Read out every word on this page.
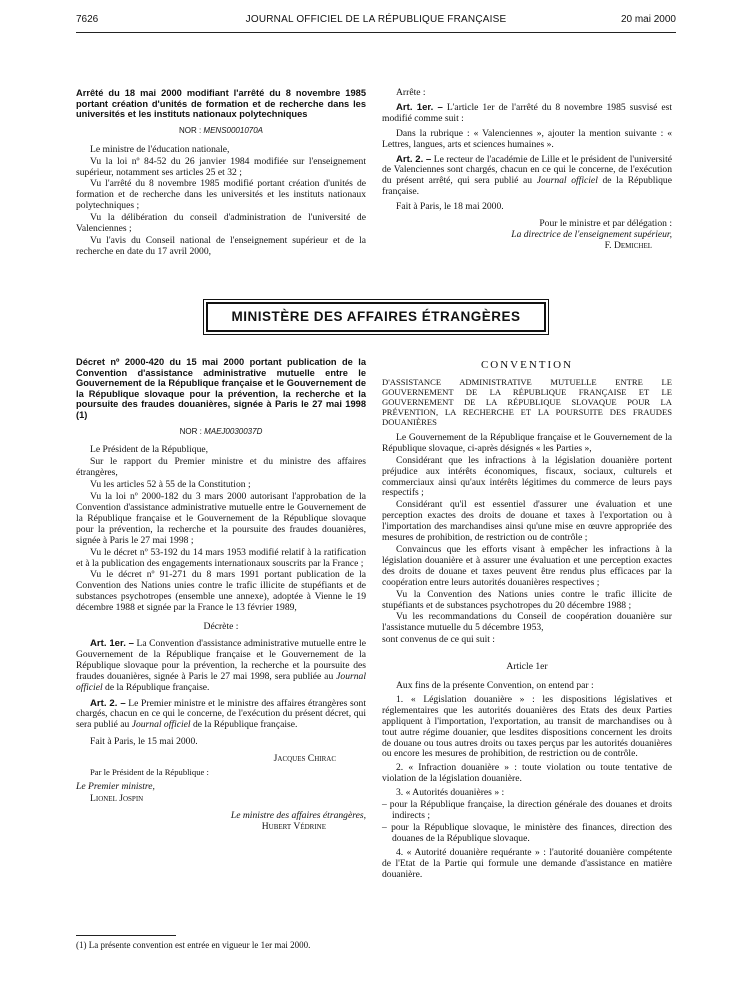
7626	JOURNAL OFFICIEL DE LA RÉPUBLIQUE FRANÇAISE	20 mai 2000

Arrêté du 18 mai 2000 modifiant l'arrêté du 8 novembre 1985 portant création d'unités de formation et de recherche dans les universités et les instituts nationaux polytechniques

NOR : MENS0001070A

Le ministre de l'éducation nationale,

Vu la loi nº 84-52 du 26 janvier 1984 modifiée sur l'enseignement supérieur, notamment ses articles 25 et 32 ;

Vu l'arrêté du 8 novembre 1985 modifié portant création d'unités de formation et de recherche dans les universités et les instituts nationaux polytechniques ;

Vu la délibération du conseil d'administration de l'université de Valenciennes ;

Vu l'avis du Conseil national de l'enseignement supérieur et de la recherche en date du 17 avril 2000,

Arrête :

Art. 1er. – L'article 1er de l'arrêté du 8 novembre 1985 susvisé est modifié comme suit :

Dans la rubrique : « Valenciennes », ajouter la mention suivante : « Lettres, langues, arts et sciences humaines ».

Art. 2. – Le recteur de l'académie de Lille et le président de l'université de Valenciennes sont chargés, chacun en ce qui le concerne, de l'exécution du présent arrêté, qui sera publié au Journal officiel de la République française.

Fait à Paris, le 18 mai 2000.

Pour le ministre et par délégation :

La directrice de l'enseignement supérieur,

F. Demichel

MINISTÈRE DES AFFAIRES ÉTRANGÈRES

Décret nº 2000-420 du 15 mai 2000 portant publication de la Convention d'assistance administrative mutuelle entre le Gouvernement de la République française et le Gouvernement de la République slovaque pour la prévention, la recherche et la poursuite des fraudes douanières, signée à Paris le 27 mai 1998 (1)

NOR : MAEJ0030037D

Le Président de la République,

Sur le rapport du Premier ministre et du ministre des affaires étrangères,

Vu les articles 52 à 55 de la Constitution ;

Vu la loi nº 2000-182 du 3 mars 2000 autorisant l'approbation de la Convention d'assistance administrative mutuelle entre le Gouvernement de la République française et le Gouvernement de la République slovaque pour la prévention, la recherche et la poursuite des fraudes douanières, signée à Paris le 27 mai 1998 ;

Vu le décret nº 53-192 du 14 mars 1953 modifié relatif à la ratification et à la publication des engagements internationaux souscrits par la France ;

Vu le décret nº 91-271 du 8 mars 1991 portant publication de la Convention des Nations unies contre le trafic illicite de stupéfiants et de substances psychotropes (ensemble une annexe), adoptée à Vienne le 19 décembre 1988 et signée par la France le 13 février 1989,

Décrète :

Art. 1er. – La Convention d'assistance administrative mutuelle entre le Gouvernement de la République française et le Gouvernement de la République slovaque pour la prévention, la recherche et la poursuite des fraudes douanières, signée à Paris le 27 mai 1998, sera publiée au Journal officiel de la République française.

Art. 2. – Le Premier ministre et le ministre des affaires étrangères sont chargés, chacun en ce qui le concerne, de l'exécution du présent décret, qui sera publié au Journal officiel de la République française.

Fait à Paris, le 15 mai 2000.

Jacques Chirac

Par le Président de la République :

Le Premier ministre,

Lionel Jospin

Le ministre des affaires étrangères,

Hubert Védrine

(1) La présente convention est entrée en vigueur le 1er mai 2000.

CONVENTION

D'ASSISTANCE ADMINISTRATIVE MUTUELLE ENTRE LE GOUVERNEMENT DE LA RÉPUBLIQUE FRANÇAISE ET LE GOUVERNEMENT DE LA RÉPUBLIQUE SLOVAQUE POUR LA PRÉVENTION, LA RECHERCHE ET LA POURSUITE DES FRAUDES DOUANIÈRES

Le Gouvernement de la République française et le Gouvernement de la République slovaque, ci-après désignés « les Parties »,

Considérant que les infractions à la législation douanière portent préjudice aux intérêts économiques, fiscaux, sociaux, culturels et commerciaux ainsi qu'aux intérêts légitimes du commerce de leurs pays respectifs ;

Considérant qu'il est essentiel d'assurer une évaluation et une perception exactes des droits de douane et taxes à l'exportation ou à l'importation des marchandises ainsi qu'une mise en œuvre appropriée des mesures de prohibition, de restriction ou de contrôle ;

Convaincus que les efforts visant à empêcher les infractions à la législation douanière et à assurer une évaluation et une perception exactes des droits de douane et taxes peuvent être rendus plus efficaces par la coopération entre leurs autorités douanières respectives ;

Vu la Convention des Nations unies contre le trafic illicite de stupéfiants et de substances psychotropes du 20 décembre 1988 ;

Vu les recommandations du Conseil de coopération douanière sur l'assistance mutuelle du 5 décembre 1953,

sont convenus de ce qui suit :

Article 1er

Aux fins de la présente Convention, on entend par :

1. « Législation douanière » : les dispositions législatives et réglementaires que les autorités douanières des Etats des deux Parties appliquent à l'importation, l'exportation, au transit de marchandises ou à tout autre régime douanier, que lesdites dispositions concernent les droits de douane ou tous autres droits ou taxes perçus par les autorités douanières ou encore les mesures de prohibition, de restriction ou de contrôle.

2. « Infraction douanière » : toute violation ou toute tentative de violation de la législation douanière.

3. « Autorités douanières » :

– pour la République française, la direction générale des douanes et droits indirects ;

– pour la République slovaque, le ministère des finances, direction des douanes de la République slovaque.

4. « Autorité douanière requérante » : l'autorité douanière compétente de l'Etat de la Partie qui formule une demande d'assistance en matière douanière.
